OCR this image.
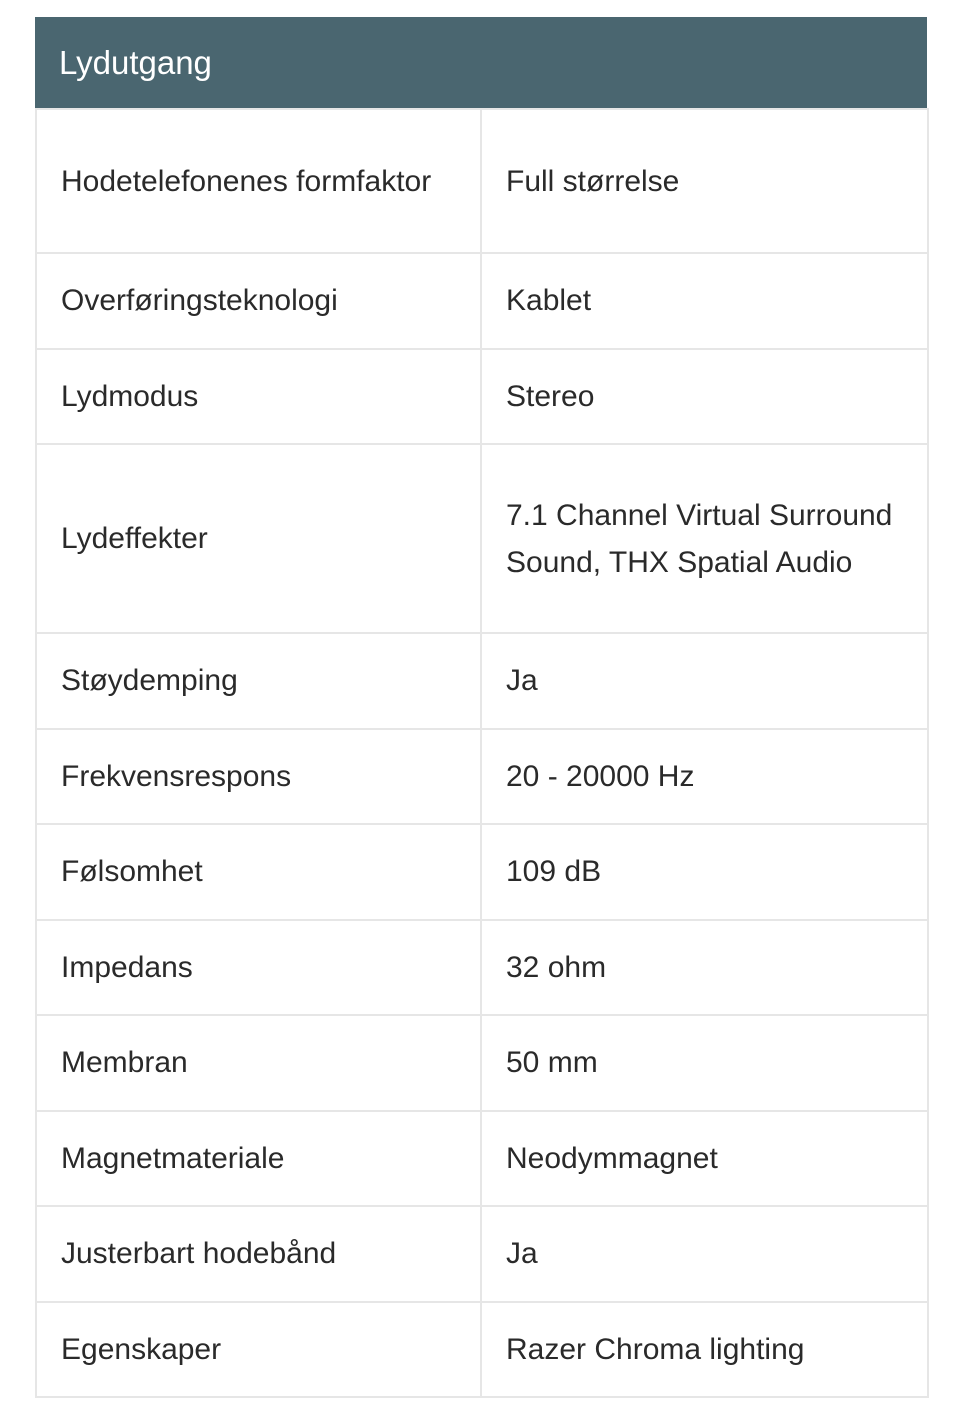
Lydutgang
Hodetelefonenes formfaktor	Full størrelse
Overføringsteknologi	Kablet
Lydmodus	Stereo
Lydeffekter	7.1 Channel Virtual Surround Sound, THX Spatial Audio
Støydemping	Ja
Frekvensrespons	20 - 20000 Hz
Følsomhet	109 dB
Impedans	32 ohm
Membran	50 mm
Magnetmateriale	Neodymmagnet
Justerbart hodebånd	Ja
Egenskaper	Razer Chroma lighting
